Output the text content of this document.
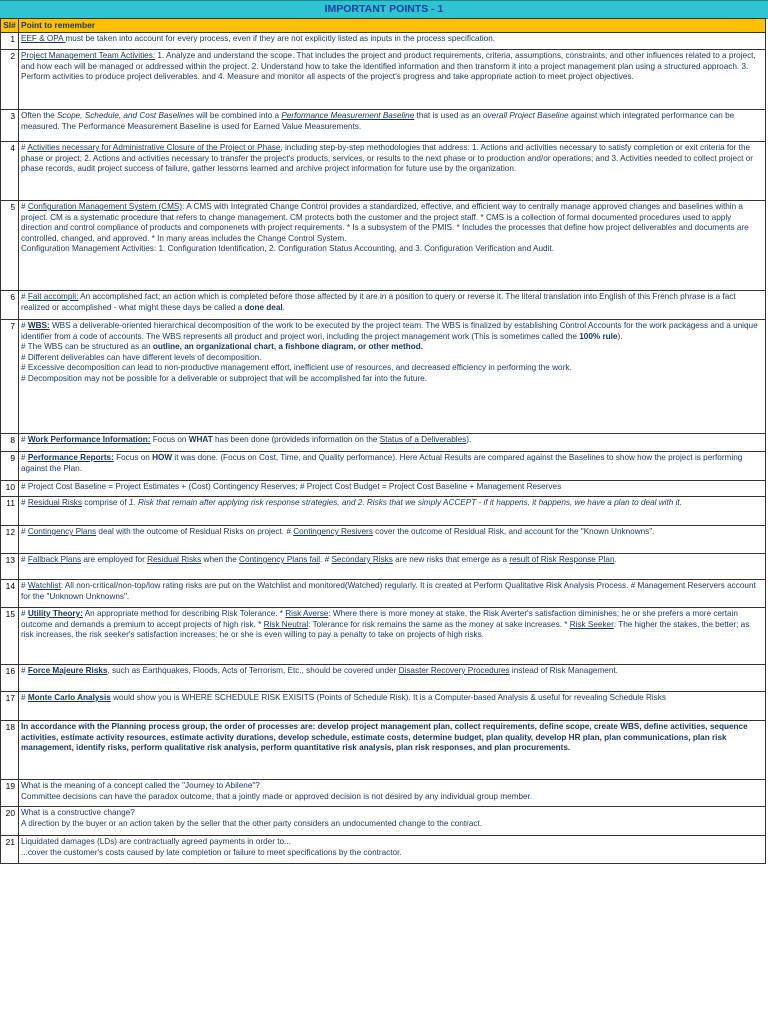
IMPORTANT POINTS - 1
Sl#	Point to remember
1	EEF & OPA must be taken into account for every process, even if they are not explicitly listed as inputs in the process specification.
2	Project Management Team Activities: 1. Analyze and understand the scope. That includes the project and product requirements, criteria, assumptions, constraints, and other influences related to a project, and how each will be managed or addressed within the project. 2. Understand how to take the identified information and then transform it into a project management plan using a structured approach. 3. Perform activities to produce project deliverables. and 4. Measure and monitor all aspects of the project's progress and take appropriate action to meet project objectives.
3	Often the Scope, Schedule, and Cost Baselines will be combined into a Performance Measurement Baseline that is used as an overall Project Baseline against which integrated performance can be measured. The Performance Measurement Baseline is used for Earned Value Measurements.
4	# Activities necessary for Administrative Closure of the Project or Phase, including step-by-step methodologies that address: 1. Actions and activities necessary to satisfy completion or exit criteria for the phase or project; 2. Actions and activities necessary to transfer the project's products, services, or results to the next phase or to production and/or operations; and 3. Activities needed to collect project or phase records, audit project success of failure, gather lessorns learned and archive project information for future use by the organization.
5	# Configuration Management System (CMS): A CMS with Integrated Change Control provides a standardized, effective, and efficient way to centrally manage approved changes and baselines within a project. CM is a systematic procedure that refers to change management. CM protects both the customer and the project staff. * CMS is a collection of formal documented procedures used to apply direction and control compliance of products and componenets with project requirements. * Is a subsystem of the PMIS. * Includes the processes that define how project deliverables and documents are controlled, changed, and approved. * In many areas includes the Change Control System.
Configuration Management Activities: 1. Configuration Identification, 2. Configuration Status Accounting, and 3. Configuration Verification and Audit.
6	# Fait accompli: An accomplished fact; an action which is completed before those affected by it are in a position to query or reverse it. The literal translation into English of this French phrase is a fact realized or accomplished - what might these days be called a done deal.
7	# WBS: WBS a deliverable-oriented hierarchical decomposition of the work to be executed by the project team. The WBS is finalized by establishing Control Accounts for the work packagess and a unique identifier from a code of accounts. The WBS represents all product and project wori, including the project management work (This is sometimes called the 100% rule).
# The WBS can be structured as an outline, an organizational chart, a fishbone diagram, or other method.
# Different deliverables can have different levels of decomposition.
# Excessive decomposition can lead to non-productive management effort, inefficient use of resources, and decreased efficiency in performing the work.
# Decomposition may not be possible for a deliverable or subproject that will be accomplished far into the future.
8	# Work Performance Information: Focus on WHAT has been done (provideds information on the Status of a Deliverables).
9	# Performance Reports: Focus on HOW it was done. (Focus on Cost, Time, and Quality performance). Here Actual Results are compared against the Baselines to show how the project is performing against the Plan.
10	# Project Cost Baseline = Project Estimates + (Cost) Contingency Reserves; # Project Cost Budget = Project Cost Baseline + Management Reserves
11	# Residual Risks comprise of 1. Risk that remain after applying risk response strategies, and 2. Risks that we simply ACCEPT - if it happens, it happens, we have a plan to deal with it.
12	# Contingency Plans deal with the outcome of Residual Risks on project. # Contingency Resivers cover the outcome of Residual Risk, and account for the "Known Unknowns".
13	# Fallback Plans are employed for Residual Risks when the Contingency Plans fail. # Secondary Risks are new risks that emerge as a result of Risk Response Plan.
14	# Watchlist: All non-critical/non-top/low rating risks are put on the Watchlist and monitored(Watched) regularly. It is created at Perform Qualitative Risk Analysis Process. # Management Reservers account for the "Unknown Unknowns".
15	# Utility Theory: An appropriate method for describing Risk Tolerance. * Risk Averse: Where there is more money at stake, the Risk Averter's satisfaction diminishes; he or she prefers a more certain outcome and demands a premium to accept projects of high risk. * Risk Neutral: Tolerance for risk remains the same as the money at sake increases. * Risk Seeker: The higher the stakes, the better; as risk increases, the risk seeker's satisfaction increases; he or she is even willing to pay a penalty to take on projects of high risks.
16	# Force Majeure Risks, such as Earthquakes, Floods, Acts of Terrorism, Etc., should be covered under Disaster Recovery Procedures instead of Risk Management.
17	# Monte Carlo Analysis would show you is WHERE SCHEDULE RISK EXISITS (Points of Schedule Risk). It is a Computer-based Analysis & useful for revealing Schedule Risks
18	In accordance with the Planning process group, the order of processes are: develop project management plan, collect requirements, define scope, create WBS, define activities, sequence activities, estimate activity resources, estimate activity durations, develop schedule, estimate costs, determine budget, plan quality, develop HR plan, plan communications, plan risk management, identify risks, perform qualitative risk analysis, perform quantitative risk analysis, plan risk responses, and plan procurements.
19	What is the meaning of a concept called the "Journey to Abilene"?
Committee decisions can have the paradox outcome, that a jointly made or approved decision is not desired by any individual group member.
20	What is a constructive change?
A direction by the buyer or an action taken by the seller that the other party considers an undocumented change to the contract.
21	Liquidated damages (LDs) are contractually agreed payments in order to...
...cover the customer's costs caused by late completion or failure to meet specifications by the contractor.
